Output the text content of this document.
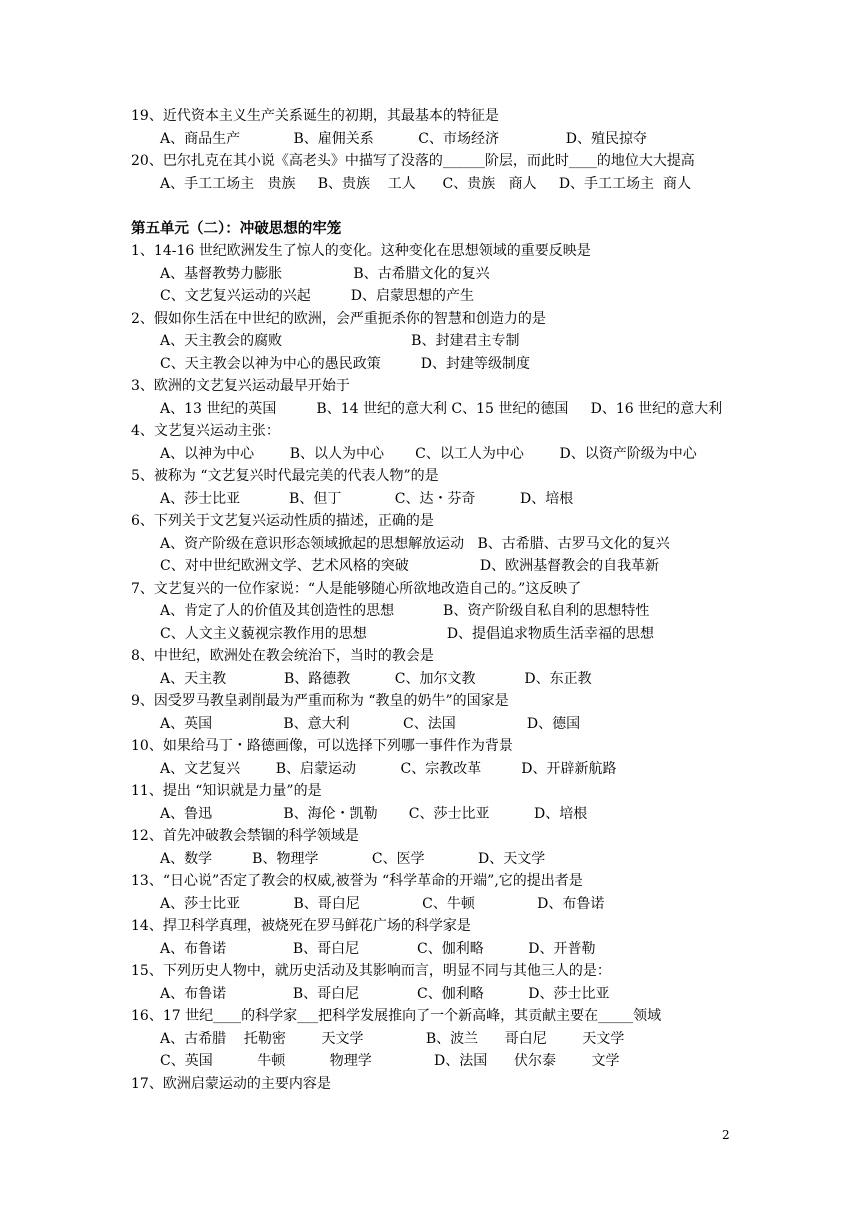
19、近代资本主义生产关系诞生的初期，其最基本的特征是
A、商品生产            B、雇佣关系          C、市场经济               D、殖民掠夺
20、巴尔扎克在其小说《高老头》中描写了没落的______阶层，而此时____的地位大大提高
A、手工工场主   贵族     B、贵族    工人      C、贵族   商人     D、手工工场主  商人
第五单元（二）：冲破思想的牢笼
1、14-16 世纪欧洲发生了惊人的变化。这种变化在思想领域的重要反映是
A、基督教势力膨胀                B、古希腊文化的复兴
C、文艺复兴运动的兴起         D、启蒙思想的产生
2、假如你生活在中世纪的欧洲，会严重扼杀你的智慧和创造力的是
A、天主教会的腐败                             B、封建君主专制
C、天主教会以神为中心的愚民政策         D、封建等级制度
3、欧洲的文艺复兴运动最早开始于
A、13 世纪的英国         B、14 世纪的意大利 C、15 世纪的德国     D、16 世纪的意大利
4、文艺复兴运动主张：
A、以神为中心        B、以人为中心       C、以工人为中心        D、以资产阶级为中心
5、被称为 “文艺复兴时代最完美的代表人物”的是
A、莎士比亚           B、但丁            C、达・芬奇          D、培根
6、下列关于文艺复兴运动性质的描述，正确的是
A、资产阶级在意识形态领域掀起的思想解放运动   B、古希腊、古罗马文化的复兴
C、对中世纪欧洲文学、艺术风格的突破                D、欧洲基督教会的自我革新
7、文艺复兴的一位作家说：“人是能够随心所欲地改造自己的。”这反映了
A、肯定了人的价值及其创造性的思想           B、资产阶级自私自利的思想特性
C、人文主义藐视宗教作用的思想                  D、提倡追求物质生活幸福的思想
8、中世纪，欧洲处在教会统治下，当时的教会是
A、天主教             B、路德教          C、加尔文教           D、东正教
9、因受罗马教皇剥削最为严重而称为 “教皇的奶牛”的国家是
A、英国                B、意大利            C、法国                D、德国
10、如果给马丁・路德画像，可以选择下列哪一事件作为背景
A、文艺复兴        B、启蒙运动          C、宗教改革         D、开辟新航路
11、提出 “知识就是力量”的是
A、鲁迅                B、海伦・凯勒       C、莎士比亚          D、培根
12、首先冲破教会禁锢的科学领域是
A、数学         B、物理学            C、医学            D、天文学
13、“日心说”否定了教会的权威,被誉为 “科学革命的开端”,它的提出者是
A、莎士比亚            B、哥白尼              C、牛顿              D、布鲁诺
14、捍卫科学真理，被烧死在罗马鲜花广场的科学家是
A、布鲁诺               B、哥白尼             C、伽利略          D、开普勒
15、下列历史人物中，就历史活动及其影响而言，明显不同与其他三人的是：
A、布鲁诺               B、哥白尼             C、伽利略          D、莎士比亚
16、17 世纪____的科学家___把科学发展推向了一个新高峰，其贡献主要在_____领域
A、古希腊    托勒密        天文学              B、波兰      哥白尼        天文学
C、英国          牛顿          物理学              D、法国      伏尔泰        文学
17、欧洲启蒙运动的主要内容是
2
